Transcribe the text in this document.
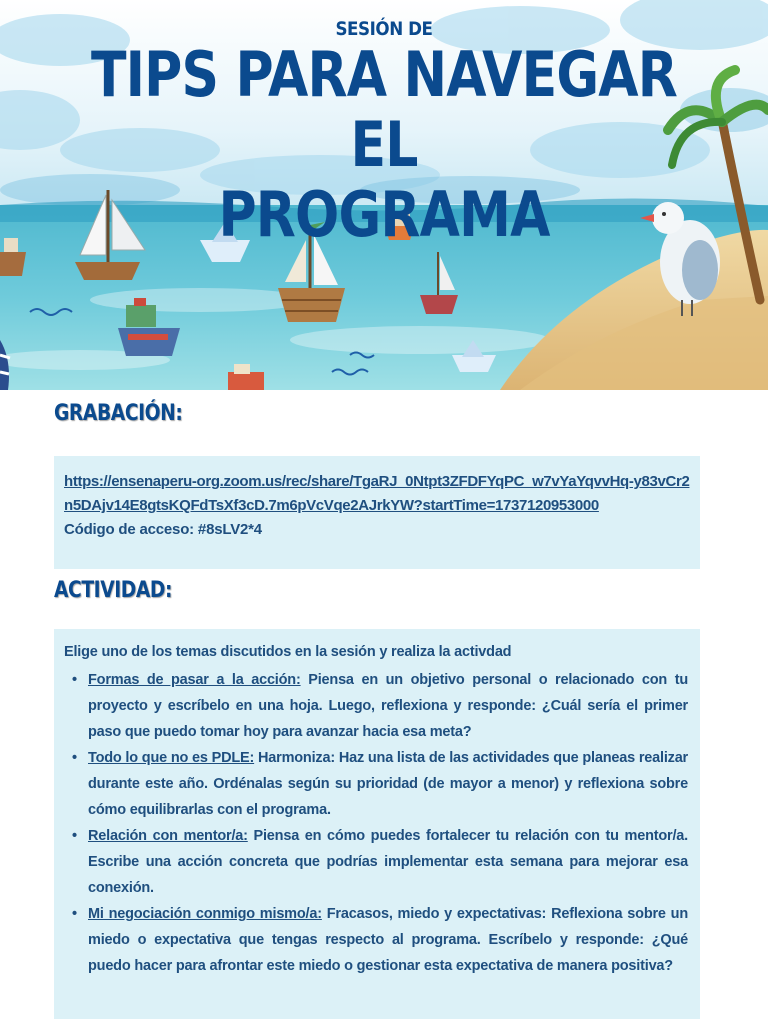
SESIÓN DE
TIPS PARA NAVEGAR EL
PROGRAMA
GRABACIÓN:
https://ensenaperu-org.zoom.us/rec/share/TgaRJ_0Ntpt3ZFDFYqPC_w7vYaYqvvHq-y83vCr2n5DAjv14E8gtsKQFdTsXf3cD.7m6pVcVqe2AJrkYW?startTime=1737120953000
Código de acceso: #8sLV2*4
ACTIVIDAD:
Elige uno de los temas discutidos en la sesión y realiza la activdad
• Formas de pasar a la acción: Piensa en un objetivo personal o relacionado con tu proyecto y escríbelo en una hoja. Luego, reflexiona y responde: ¿Cuál sería el primer paso que puedo tomar hoy para avanzar hacia esa meta?
• Todo lo que no es PDLE: Harmoniza: Haz una lista de las actividades que planeas realizar durante este año. Ordénalas según su prioridad (de mayor a menor) y reflexiona sobre cómo equilibrarlas con el programa.
• Relación con mentor/a: Piensa en cómo puedes fortalecer tu relación con tu mentor/a. Escribe una acción concreta que podrías implementar esta semana para mejorar esa conexión.
• Mi negociación conmigo mismo/a: Fracasos, miedo y expectativas: Reflexiona sobre un miedo o expectativa que tengas respecto al programa. Escríbelo y responde: ¿Qué puedo hacer para afrontar este miedo o gestionar esta expectativa de manera positiva?
